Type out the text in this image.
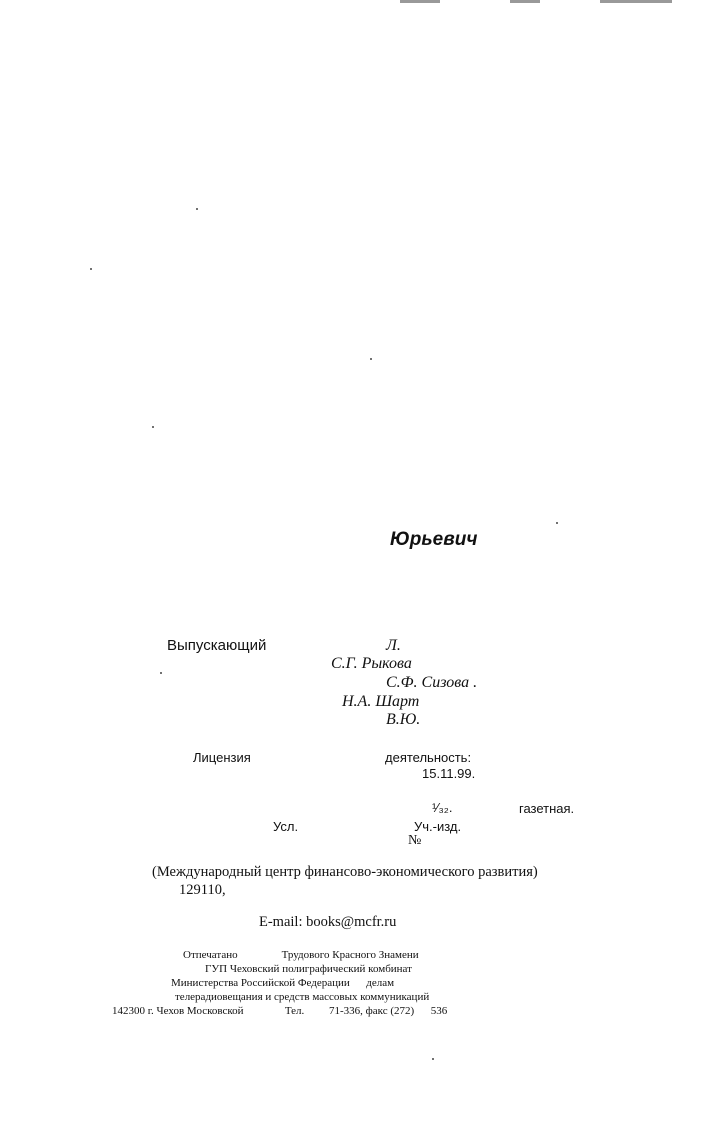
Юрьевич
Выпускающий	Л.
С.Г. Рыкова
С.Ф. Сизова .
Н.А. Шарт
В.Ю.
Лицензия	деятельность:
15.11.99.
¹⁄₃₂.	газетная.
Усл.	Уч.-изд.
№
(Международный центр финансово-экономического развития)
129110,
E-mail: books@mcfr.ru
Отпечатано                Трудового Красного Знамени
ГУП Чеховский полиграфический комбинат
Министерства Российской Федерации      делам
телерадиовещания и средств массовых коммуникаций
142300 г. Чехов Московской               Тел.         71-336, факс (272)      536
